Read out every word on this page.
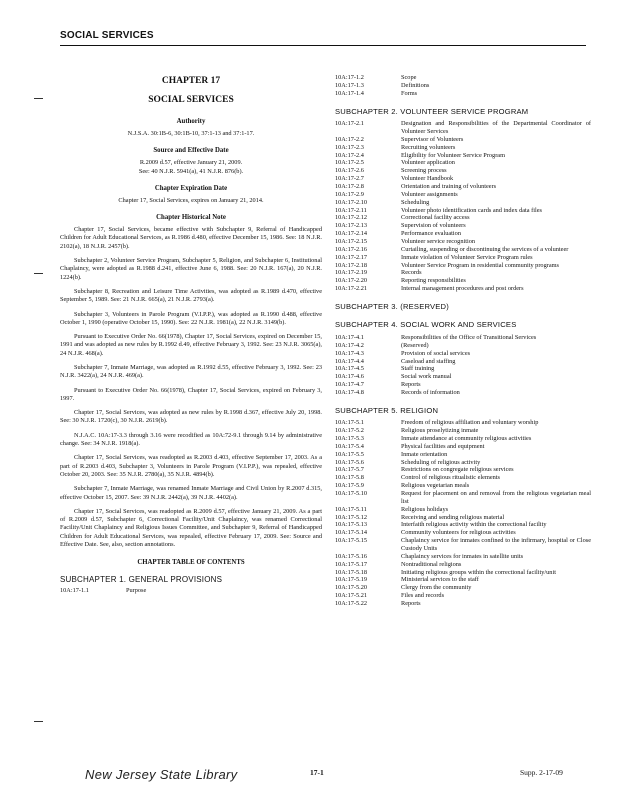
SOCIAL SERVICES
CHAPTER 17
SOCIAL SERVICES
Authority
N.J.S.A. 30:1B-6, 30:1B-10, 37:1-13 and 37:1-17.
Source and Effective Date
R.2009 d.57, effective January 21, 2009.
See: 40 N.J.R. 5941(a), 41 N.J.R. 876(b).
Chapter Expiration Date
Chapter 17, Social Services, expires on January 21, 2014.
Chapter Historical Note
Chapter 17, Social Services, became effective with Subchapter 9, Referral of Handicapped Children for Adult Educational Services, as R.1986 d.480, effective December 15, 1986. See: 18 N.J.R. 2102(a), 18 N.J.R. 2457(b).
Subchapter 2, Volunteer Service Program, Subchapter 5, Religion, and Subchapter 6, Institutional Chaplaincy, were adopted as R.1988 d.241, effective June 6, 1988. See: 20 N.J.R. 167(a), 20 N.J.R. 1224(b).
Subchapter 8, Recreation and Leisure Time Activities, was adopted as R.1989 d.470, effective September 5, 1989. See: 21 N.J.R. 665(a), 21 N.J.R. 2793(a).
Subchapter 3, Volunteers in Parole Program (V.I.P.P.), was adopted as R.1990 d.488, effective October 1, 1990 (operative October 15, 1990). See: 22 N.J.R. 1981(a), 22 N.J.R. 3149(b).
Pursuant to Executive Order No. 66(1978), Chapter 17, Social Services, expired on December 15, 1991 and was adopted as new rules by R.1992 d.49, effective February 3, 1992. See: 23 N.J.R. 3065(a), 24 N.J.R. 468(a).
Subchapter 7, Inmate Marriage, was adopted as R.1992 d.55, effective February 3, 1992. See: 23 N.J.R. 3422(a), 24 N.J.R. 469(a).
Pursuant to Executive Order No. 66(1978), Chapter 17, Social Services, expired on February 3, 1997.
Chapter 17, Social Services, was adopted as new rules by R.1998 d.367, effective July 20, 1998. See: 30 N.J.R. 1720(c), 30 N.J.R. 2619(b).
N.J.A.C. 10A:17-3.3 through 3.16 were recodified as 10A:72-9.1 through 9.14 by administrative change. See: 34 N.J.R. 1918(a).
Chapter 17, Social Services, was readopted as R.2003 d.403, effective September 17, 2003. As a part of R.2003 d.403, Subchapter 3, Volunteers in Parole Program (V.I.P.P.), was repealed, effective October 20, 2003. See: 35 N.J.R. 2780(a), 35 N.J.R. 4894(b).
Subchapter 7, Inmate Marriage, was renamed Inmate Marriage and Civil Union by R.2007 d.315, effective October 15, 2007. See: 39 N.J.R. 2442(a), 39 N.J.R. 4402(a).
Chapter 17, Social Services, was readopted as R.2009 d.57, effective January 21, 2009. As a part of R.2009 d.57, Subchapter 6, Correctional Facility/Unit Chaplaincy, was renamed Correctional Facility/Unit Chaplaincy and Religious Issues Committee, and Subchapter 9, Referral of Handicapped Children for Adult Educational Services, was repealed, effective February 17, 2009. See: Source and Effective Date. See, also, section annotations.
CHAPTER TABLE OF CONTENTS
SUBCHAPTER 1. GENERAL PROVISIONS
10A:17-1.1	Purpose
10A:17-1.2	Scope
10A:17-1.3	Definitions
10A:17-1.4	Forms
SUBCHAPTER 2. VOLUNTEER SERVICE PROGRAM
10A:17-2.1	Designation and Responsibilities of the Departmental Coordinator of Volunteer Services
10A:17-2.2	Supervisor of Volunteers
10A:17-2.3	Recruiting volunteers
10A:17-2.4	Eligibility for Volunteer Service Program
10A:17-2.5	Volunteer application
10A:17-2.6	Screening process
10A:17-2.7	Volunteer Handbook
10A:17-2.8	Orientation and training of volunteers
10A:17-2.9	Volunteer assignments
10A:17-2.10	Scheduling
10A:17-2.11	Volunteer photo identification cards and index data files
10A:17-2.12	Correctional facility access
10A:17-2.13	Supervision of volunteers
10A:17-2.14	Performance evaluation
10A:17-2.15	Volunteer service recognition
10A:17-2.16	Curtailing, suspending or discontinuing the services of a volunteer
10A:17-2.17	Inmate violation of Volunteer Service Program rules
10A:17-2.18	Volunteer Service Program in residential community programs
10A:17-2.19	Records
10A:17-2.20	Reporting responsibilities
10A:17-2.21	Internal management procedures and post orders
SUBCHAPTER 3. (RESERVED)
SUBCHAPTER 4. SOCIAL WORK AND SERVICES
10A:17-4.1	Responsibilities of the Office of Transitional Services
10A:17-4.2	(Reserved)
10A:17-4.3	Provision of social services
10A:17-4.4	Caseload and staffing
10A:17-4.5	Staff training
10A:17-4.6	Social work manual
10A:17-4.7	Reports
10A:17-4.8	Records of information
SUBCHAPTER 5. RELIGION
10A:17-5.1	Freedom of religious affiliation and voluntary worship
10A:17-5.2	Religious proselytizing inmate
10A:17-5.3	Inmate attendance at community religious activities
10A:17-5.4	Physical facilities and equipment
10A:17-5.5	Inmate orientation
10A:17-5.6	Scheduling of religious activity
10A:17-5.7	Restrictions on congregate religious services
10A:17-5.8	Control of religious ritualistic elements
10A:17-5.9	Religious vegetarian meals
10A:17-5.10	Request for placement on and removal from the religious vegetarian meal list
10A:17-5.11	Religious holidays
10A:17-5.12	Receiving and sending religious material
10A:17-5.13	Interfaith religious activity within the correctional facility
10A:17-5.14	Community volunteers for religious activities
10A:17-5.15	Chaplaincy service for inmates confined to the infirmary, hospital or Close Custody Units
10A:17-5.16	Chaplaincy services for inmates in satellite units
10A:17-5.17	Nontraditional religions
10A:17-5.18	Initiating religious groups within the correctional facility/unit
10A:17-5.19	Ministerial services to the staff
10A:17-5.20	Clergy from the community
10A:17-5.21	Files and records
10A:17-5.22	Reports
New Jersey State Library	17-1	Supp. 2-17-09
